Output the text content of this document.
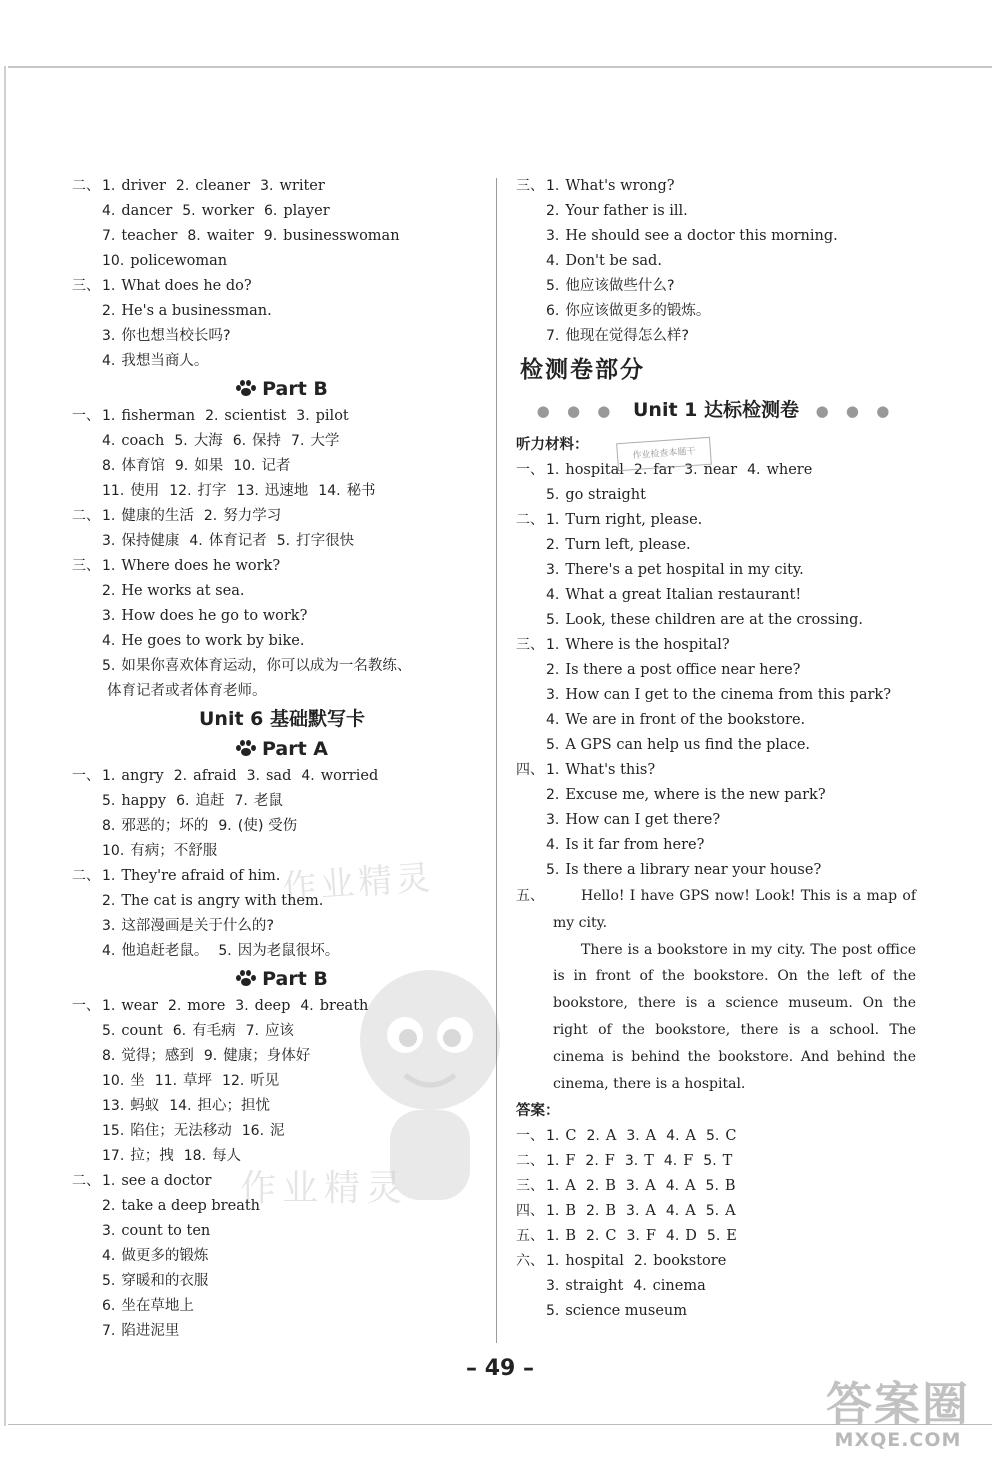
作业精灵
作业精灵
二、 1. driver 2. cleaner 3. writer
4. dancer 5. worker 6. player
7. teacher 8. waiter 9. businesswoman
10. policewoman
三、 1. What does he do?
2. He's a businessman.
3. 你也想当校长吗?
4. 我想当商人。
Part B
一、 1. fisherman 2. scientist 3. pilot
4. coach 5. 大海 6. 保持 7. 大学
8. 体育馆 9. 如果 10. 记者
11. 使用 12. 打字 13. 迅速地 14. 秘书
二、 1. 健康的生活 2. 努力学习
3. 保持健康 4. 体育记者 5. 打字很快
三、 1. Where does he work?
2. He works at sea.
3. How does he go to work?
4. He goes to work by bike.
5. 如果你喜欢体育运动，你可以成为一名教练、
体育记者或者体育老师。
Unit 6 基础默写卡
Part A
一、 1. angry 2. afraid 3. sad 4. worried
5. happy 6. 追赶 7. 老鼠
8. 邪恶的；坏的 9. (使) 受伤
10. 有病；不舒服
二、 1. They're afraid of him.
2. The cat is angry with them.
3. 这部漫画是关于什么的?
4. 他追赶老鼠。 5. 因为老鼠很坏。
Part B
一、 1. wear 2. more 3. deep 4. breath
5. count 6. 有毛病 7. 应该
8. 觉得；感到 9. 健康；身体好
10. 坐 11. 草坪 12. 听见
13. 蚂蚁 14. 担心；担忧
15. 陷住；无法移动 16. 泥
17. 拉；拽 18. 每人
二、 1. see a doctor
2. take a deep breath
3. count to ten
4. 做更多的锻炼
5. 穿暖和的衣服
6. 坐在草地上
7. 陷进泥里
三、 1. What's wrong?
2. Your father is ill.
3. He should see a doctor this morning.
4. Don't be sad.
5. 他应该做些什么?
6. 你应该做更多的锻炼。
7. 他现在觉得怎么样?
检测卷部分
● ● ● Unit 1 达标检测卷 ● ● ●
听力材料：
一、 1. hospital 2. far 3. near 4. where
5. go straight
二、 1. Turn right, please.
2. Turn left, please.
3. There's a pet hospital in my city.
4. What a great Italian restaurant!
5. Look, these children are at the crossing.
三、 1. Where is the hospital?
2. Is there a post office near here?
3. How can I get to the cinema from this park?
4. We are in front of the bookstore.
5. A GPS can help us find the place.
四、 1. What's this?
2. Excuse me, where is the new park?
3. How can I get there?
4. Is it far from here?
5. Is there a library near your house?
五、	Hello! I have GPS now! Look! This is a map of my city.
There is a bookstore in my city. The post office is in front of the bookstore. On the left of the bookstore, there is a science museum. On the right of the bookstore, there is a school. The cinema is behind the bookstore. And behind the cinema, there is a hospital.
答案：
一、 1. C 2. A 3. A 4. A 5. C
二、 1. F 2. F 3. T 4. F 5. T
三、 1. A 2. B 3. A 4. A 5. B
四、 1. B 2. B 3. A 4. A 5. A
五、 1. B 2. C 3. F 4. D 5. E
六、 1. hospital 2. bookstore
3. straight 4. cinema
5. science museum
作业检查本题干
– 49 –
答案圈
MXQE.COM
